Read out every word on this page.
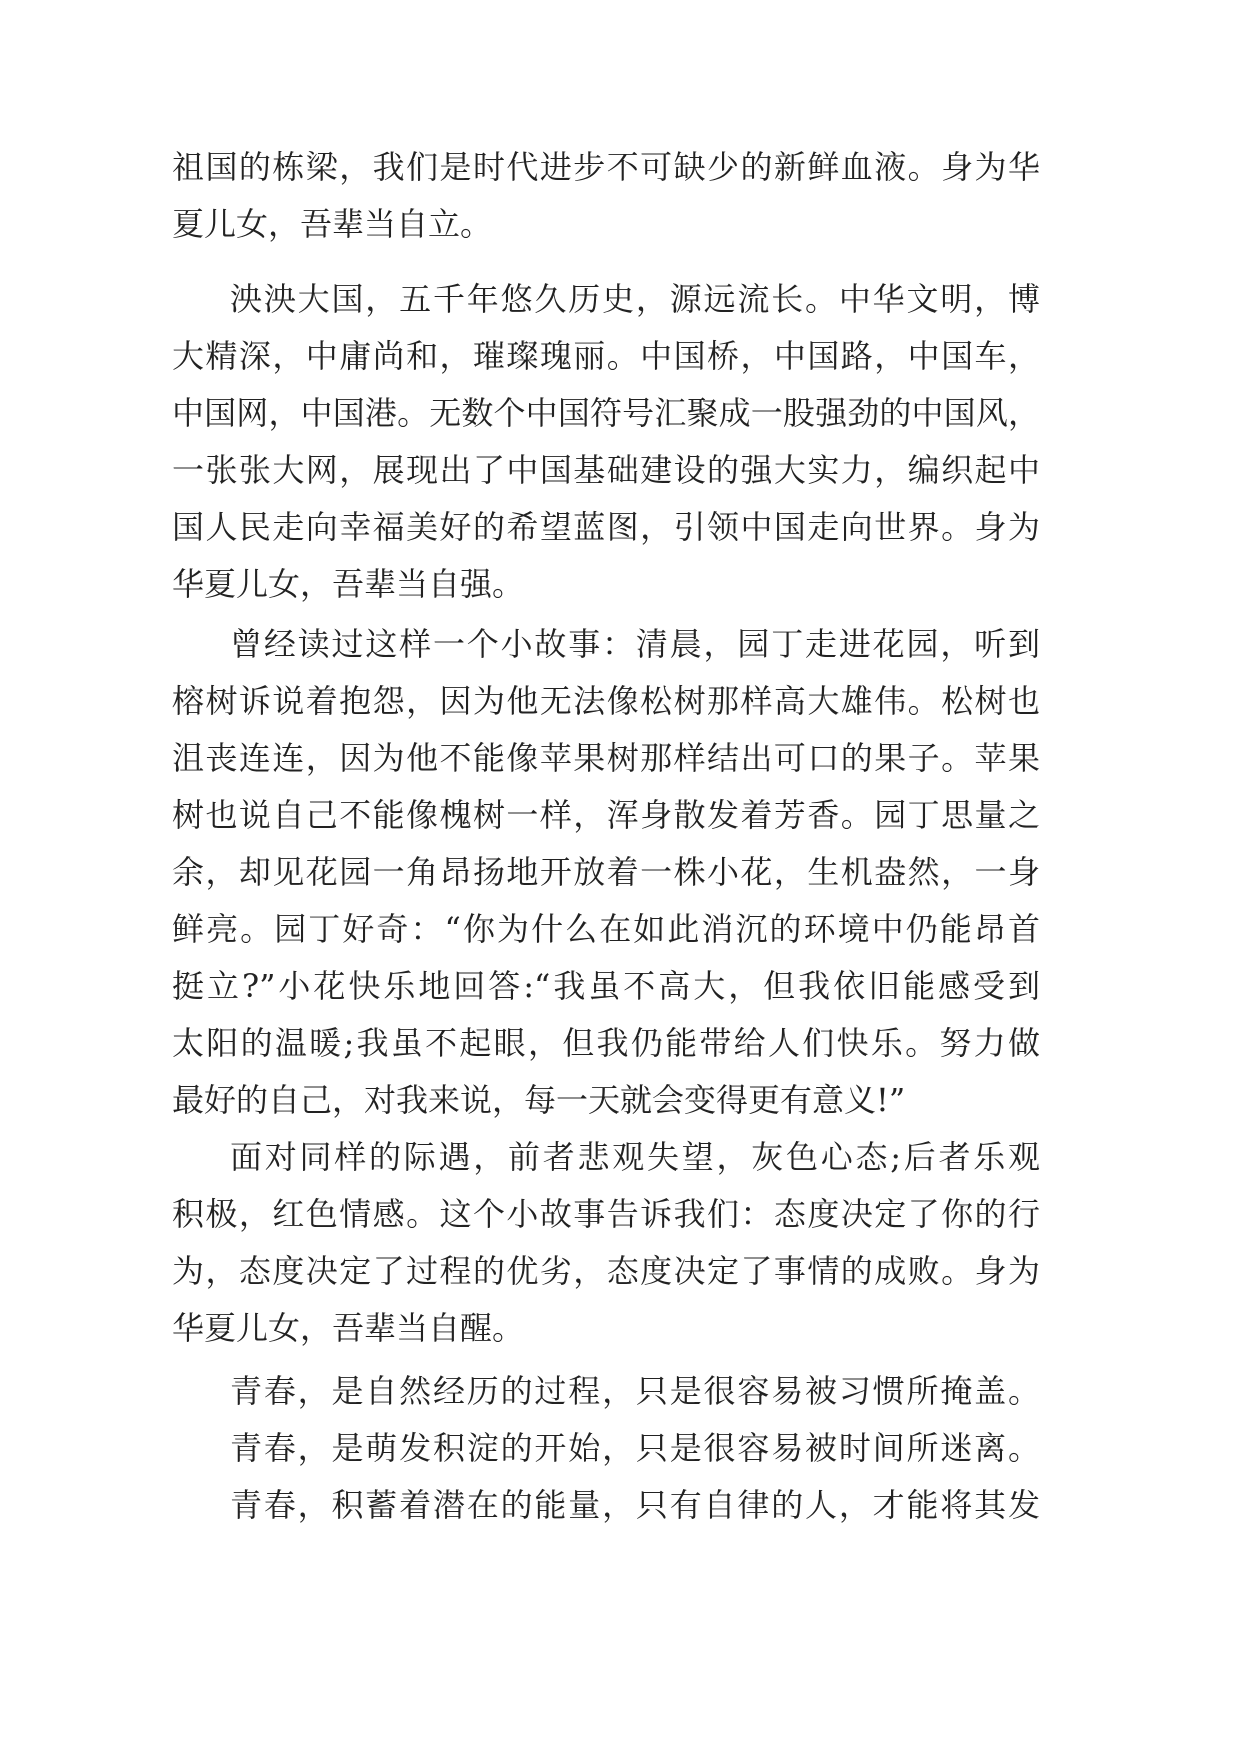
祖国的栋梁，我们是时代进步不可缺少的新鲜血液。身为华
夏儿女，吾辈当自立。
泱泱大国，五千年悠久历史，源远流长。中华文明，博
大精深，中庸尚和，璀璨瑰丽。中国桥，中国路，中国车，
中国网，中国港。无数个中国符号汇聚成一股强劲的中国风，
一张张大网，展现出了中国基础建设的强大实力，编织起中
国人民走向幸福美好的希望蓝图，引领中国走向世界。身为
华夏儿女，吾辈当自强。
曾经读过这样一个小故事：清晨，园丁走进花园，听到
榕树诉说着抱怨，因为他无法像松树那样高大雄伟。松树也
沮丧连连，因为他不能像苹果树那样结出可口的果子。苹果
树也说自己不能像槐树一样，浑身散发着芳香。园丁思量之
余，却见花园一角昂扬地开放着一株小花，生机盎然，一身
鲜亮。园丁好奇：“你为什么在如此消沉的环境中仍能昂首
挺立?”小花快乐地回答:“我虽不高大，但我依旧能感受到
太阳的温暖;我虽不起眼，但我仍能带给人们快乐。努力做
最好的自己，对我来说，每一天就会变得更有意义!”
面对同样的际遇，前者悲观失望，灰色心态;后者乐观
积极，红色情感。这个小故事告诉我们：态度决定了你的行
为，态度决定了过程的优劣，态度决定了事情的成败。身为
华夏儿女，吾辈当自醒。
青春，是自然经历的过程，只是很容易被习惯所掩盖。
青春，是萌发积淀的开始，只是很容易被时间所迷离。
青春，积蓄着潜在的能量，只有自律的人，才能将其发
